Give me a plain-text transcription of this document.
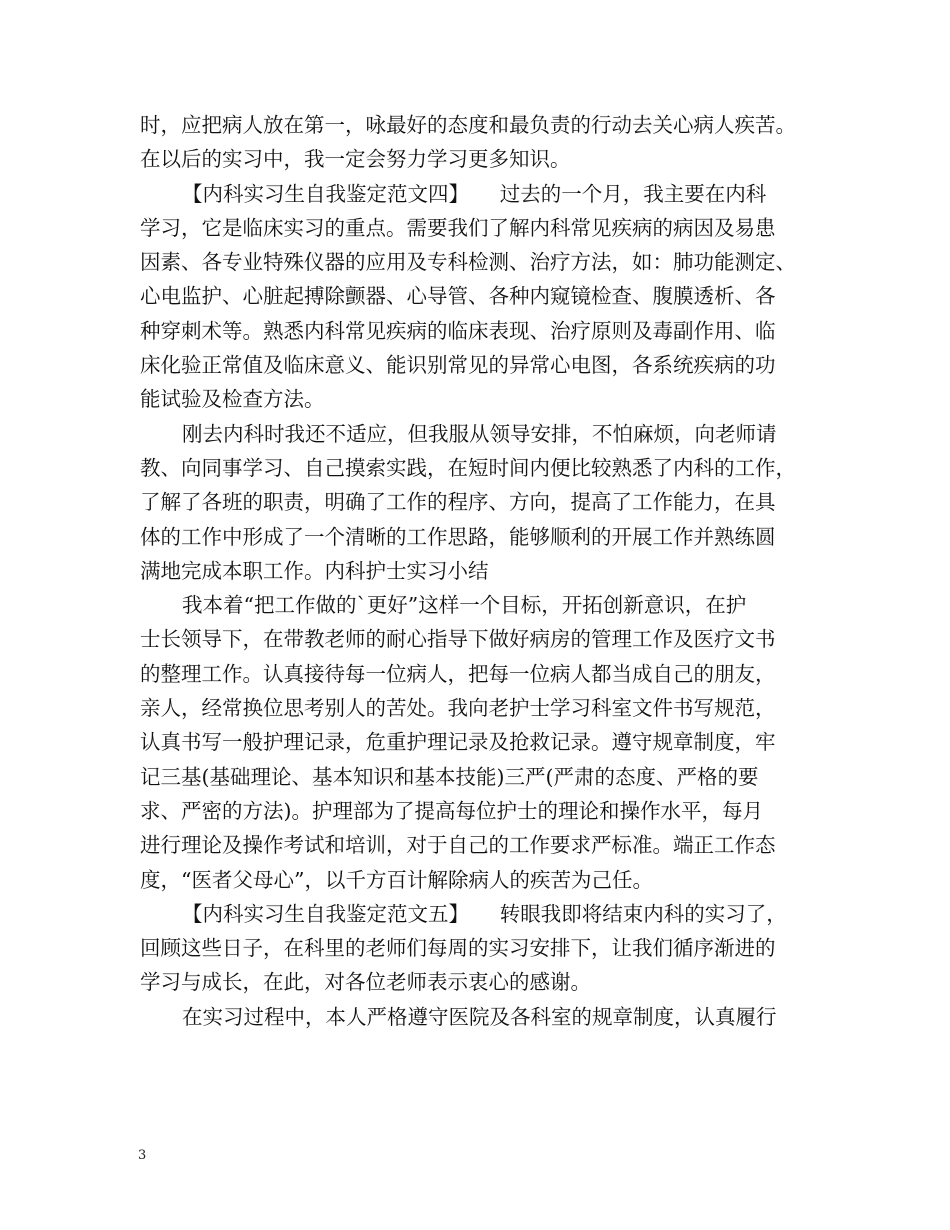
时，应把病人放在第一，咏最好的态度和最负责的行动去关心病人疾苦。
在以后的实习中，我一定会努力学习更多知识。
【内科实习生自我鉴定范文四】　　过去的一个月，我主要在内科
学习，它是临床实习的重点。需要我们了解内科常见疾病的病因及易患
因素、各专业特殊仪器的应用及专科检测、治疗方法，如：肺功能测定、
心电监护、心脏起搏除颤器、心导管、各种内窥镜检查、腹膜透析、各
种穿刺术等。熟悉内科常见疾病的临床表现、治疗原则及毒副作用、临
床化验正常值及临床意义、能识别常见的异常心电图，各系统疾病的功
能试验及检查方法。
刚去内科时我还不适应，但我服从领导安排，不怕麻烦，向老师请
教、向同事学习、自己摸索实践，在短时间内便比较熟悉了内科的工作，
了解了各班的职责，明确了工作的程序、方向，提高了工作能力，在具
体的工作中形成了一个清晰的工作思路，能够顺利的开展工作并熟练圆
满地完成本职工作。内科护士实习小结
我本着“把工作做的`更好”这样一个目标，开拓创新意识，在护
士长领导下，在带教老师的耐心指导下做好病房的管理工作及医疗文书
的整理工作。认真接待每一位病人，把每一位病人都当成自己的朋友，
亲人，经常换位思考别人的苦处。我向老护士学习科室文件书写规范，
认真书写一般护理记录，危重护理记录及抢救记录。遵守规章制度，牢
记三基(基础理论、基本知识和基本技能)三严(严肃的态度、严格的要
求、严密的方法)。护理部为了提高每位护士的理论和操作水平，每月
进行理论及操作考试和培训，对于自己的工作要求严标准。端正工作态
度，“医者父母心”，以千方百计解除病人的疾苦为己任。
【内科实习生自我鉴定范文五】　　转眼我即将结束内科的实习了，
回顾这些日子，在科里的老师们每周的实习安排下，让我们循序渐进的
学习与成长，在此，对各位老师表示衷心的感谢。
在实习过程中，本人严格遵守医院及各科室的规章制度，认真履行
3
